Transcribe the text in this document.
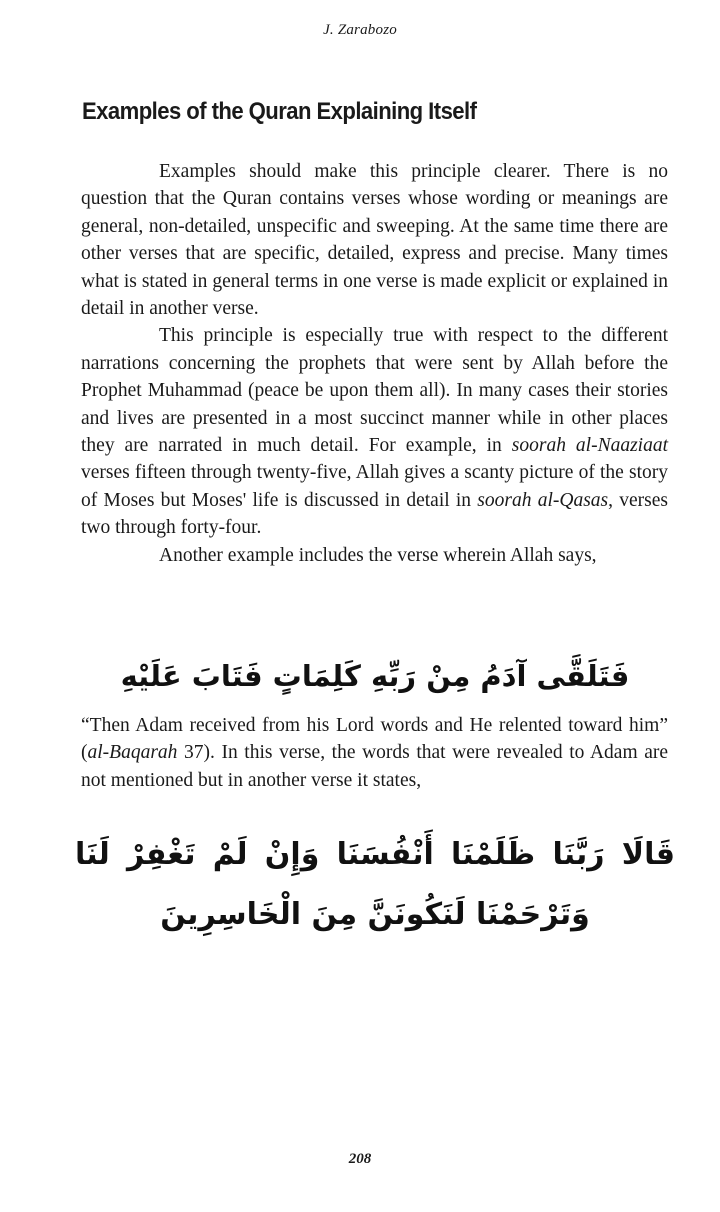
J. Zarabozo
Examples of the Quran Explaining Itself

Examples should make this principle clearer. There is no question that the Quran contains verses whose wording or meanings are general, non-detailed, unspecific and sweeping. At the same time there are other verses that are specific, detailed, express and precise. Many times what is stated in general terms in one verse is made explicit or explained in detail in another verse.

This principle is especially true with respect to the different narrations concerning the prophets that were sent by Allah before the Prophet Muhammad (peace be upon them all). In many cases their stories and lives are presented in a most succinct manner while in other places they are narrated in much detail. For example, in soorah al-Naaziaat verses fifteen through twenty-five, Allah gives a scanty picture of the story of Moses but Moses' life is discussed in detail in soorah al-Qasas, verses two through forty-four.

Another example includes the verse wherein Allah says,

فَتَلَقَّى آدَمُ مِنْ رَبِّهِ كَلِمَاتٍ فَتَابَ عَلَيْهِ

“Then Adam received from his Lord words and He relented toward him” (al-Baqarah 37). In this verse, the words that were revealed to Adam are not mentioned but in another verse it states,

قَالَا رَبَّنَا ظَلَمْنَا أَنْفُسَنَا وَإِنْ لَمْ تَغْفِرْ لَنَا وَتَرْحَمْنَا لَنَكُونَنَّ مِنَ الْخَاسِرِينَ
208
